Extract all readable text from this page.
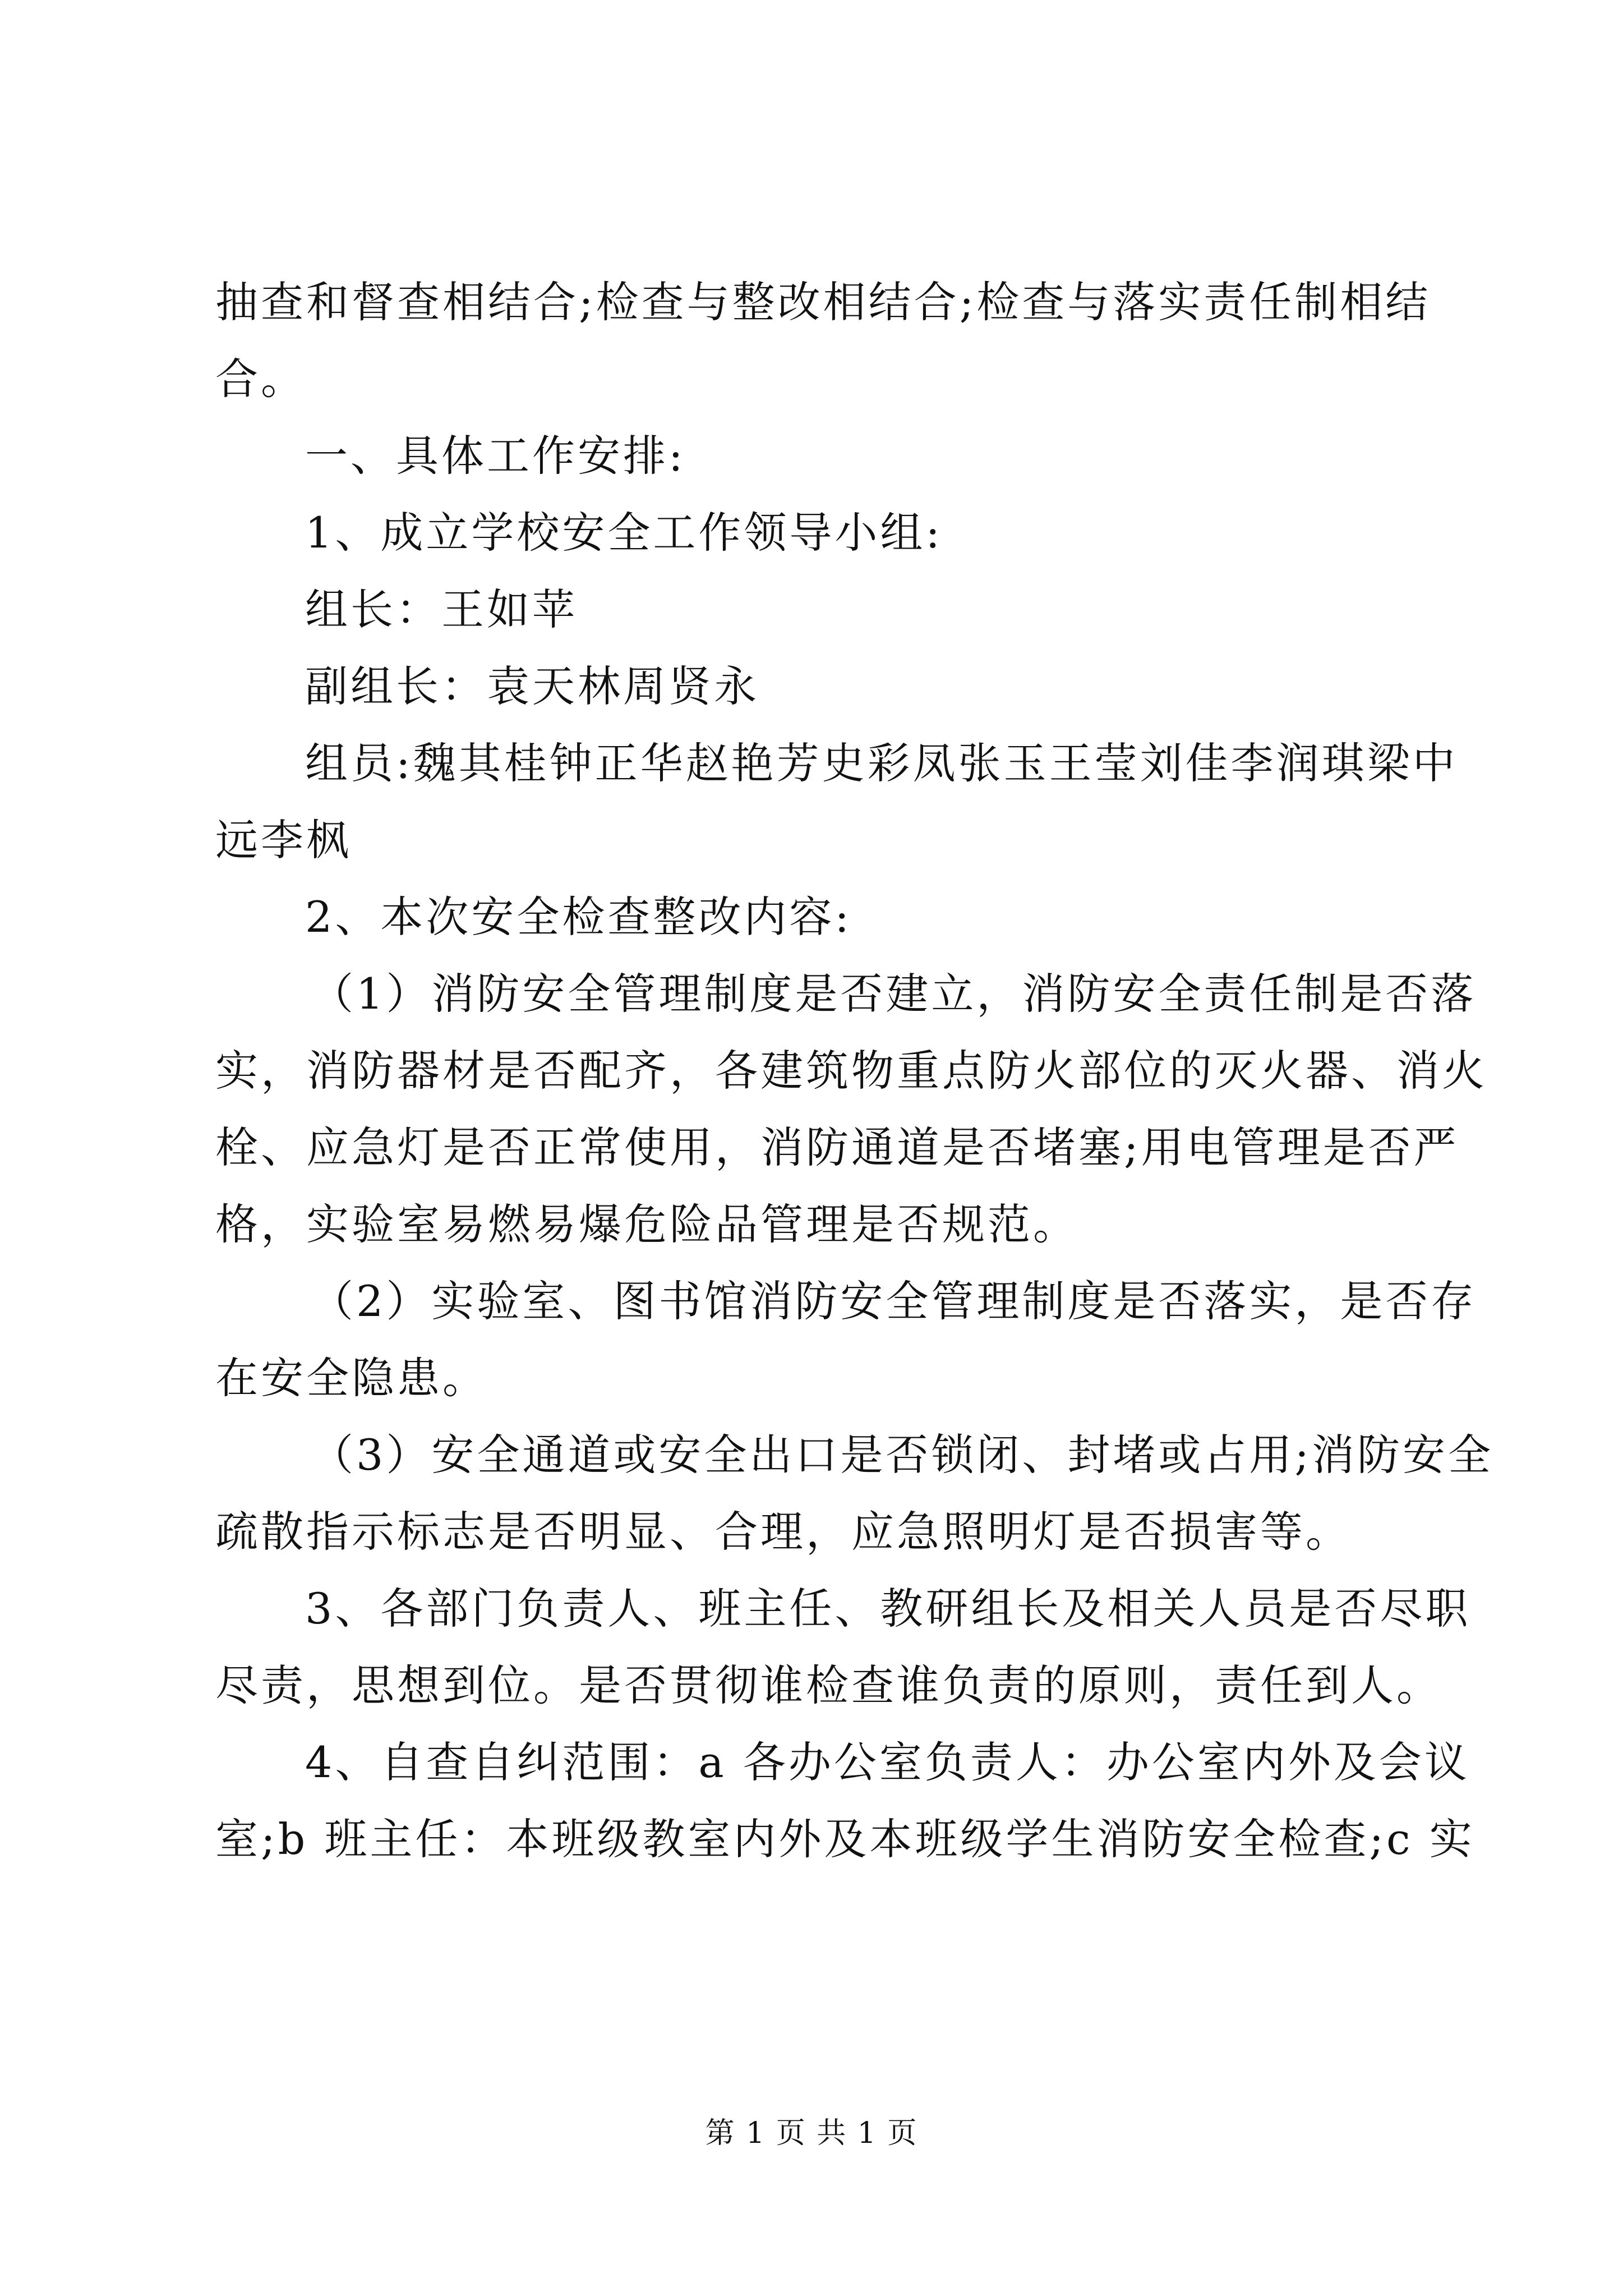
抽查和督查相结合;检查与整改相结合;检查与落实责任制相结
合。
一、具体工作安排:
1、成立学校安全工作领导小组:
组长：王如苹
副组长：袁天林周贤永
组员:魏其桂钟正华赵艳芳史彩凤张玉王莹刘佳李润琪梁中
远李枫
2、本次安全检查整改内容:
（1）消防安全管理制度是否建立，消防安全责任制是否落
实，消防器材是否配齐，各建筑物重点防火部位的灭火器、消火
栓、应急灯是否正常使用，消防通道是否堵塞;用电管理是否严
格，实验室易燃易爆危险品管理是否规范。
（2）实验室、图书馆消防安全管理制度是否落实，是否存
在安全隐患。
（3）安全通道或安全出口是否锁闭、封堵或占用;消防安全
疏散指示标志是否明显、合理，应急照明灯是否损害等。
3、各部门负责人、班主任、教研组长及相关人员是否尽职
尽责，思想到位。是否贯彻谁检查谁负责的原则，责任到人。
4、自查自纠范围：a 各办公室负责人：办公室内外及会议
室;b 班主任：本班级教室内外及本班级学生消防安全检查;c 实
第 1 页 共 1 页
